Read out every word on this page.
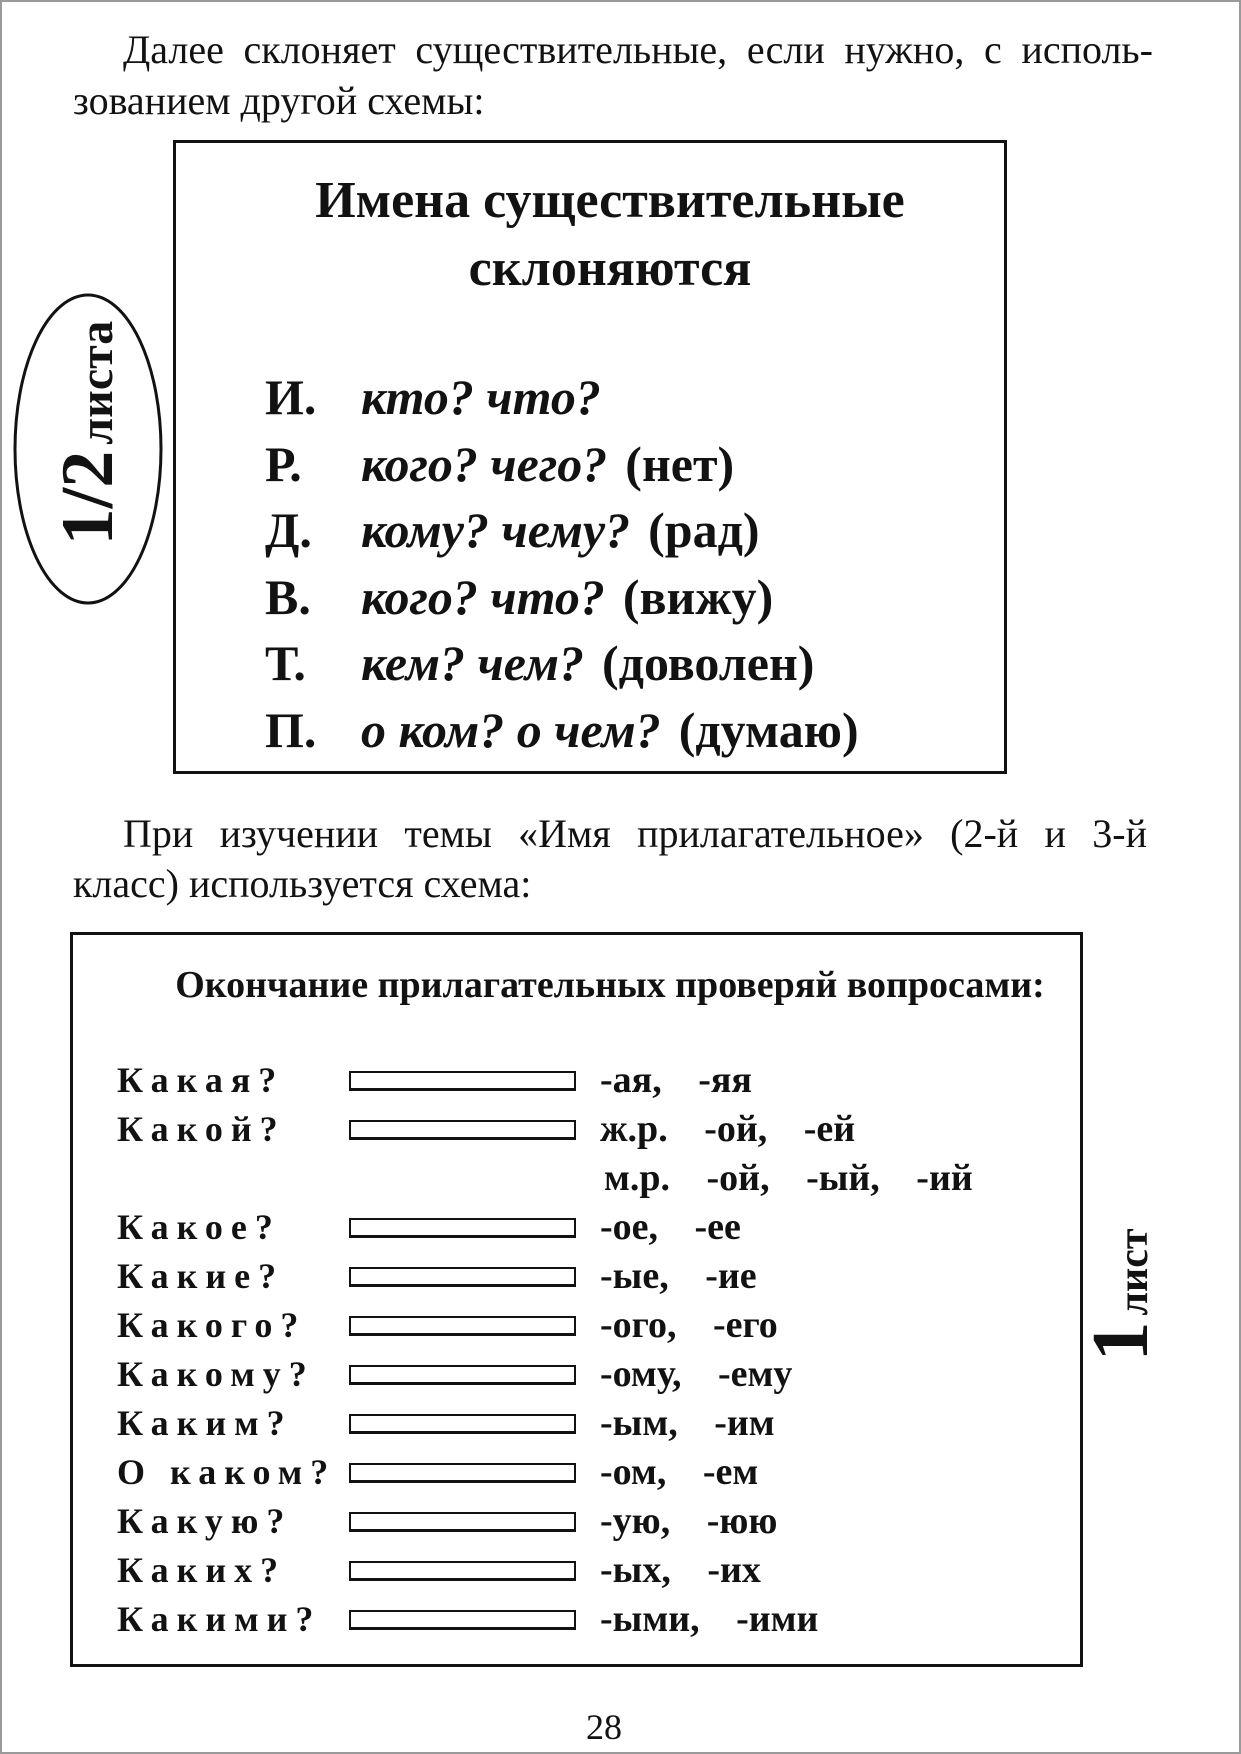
Далее склоняет существительные, если нужно, с исполь-
зованием другой схемы:
Имена существительные
склоняются
И. кто? что?
Р.	кого? чего? (нет)
Д. кому? чему? (рад)
В.	кого? что? (вижу)
Т.	кем? чем? (доволен)
П. о ком? о чем? (думаю)
1/2листа
При изучении темы «Имя прилагательное» (2-й и 3-й
класс) используется схема:
Окончание прилагательных проверяй вопросами:
Какая?	-ая, -яя
Какой?	ж.р. -ой, -ей
м.р. -ой, -ый, -ий
Какое?	-ое, -ее
Какие?	-ые, -ие
Какого?	-ого, -его
Какому?	-ому, -ему
Каким?	-ым, -им
О каком?	-ом, -ем
Какую?	-ую, -юю
Каких?	-ых, -их
Какими?	-ыми, -ими
1лист
28
